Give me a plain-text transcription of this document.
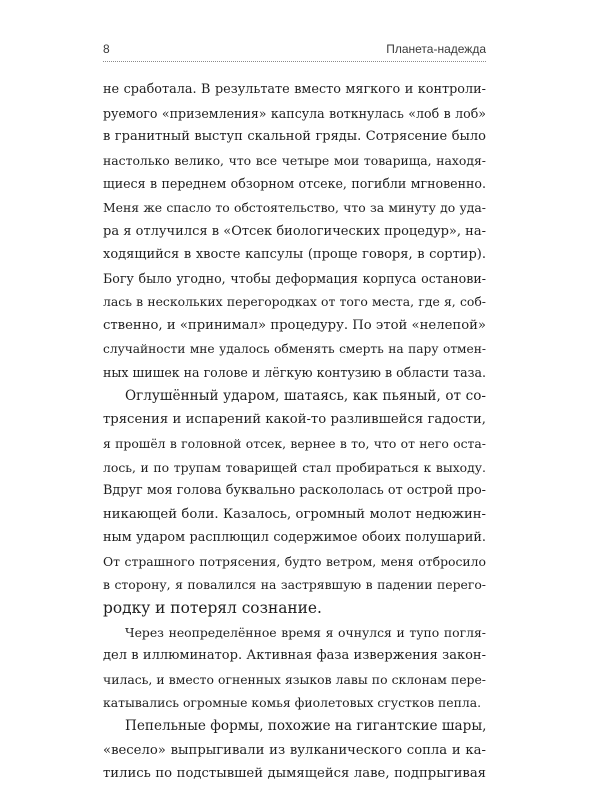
8	Планета-надежда
не сработала. В результате вместо мягкого и контроли-
руемого «приземления» капсула воткнулась «лоб в лоб»
в гранитный выступ скальной гряды. Сотрясение было
настолько велико, что все четыре мои товарища, находя-
щиеся в переднем обзорном отсеке, погибли мгновенно.
Меня же спасло то обстоятельство, что за минуту до уда-
ра я отлучился в «Отсек биологических процедур», на-
ходящийся в хвосте капсулы (проще говоря, в сортир).
Богу было угодно, чтобы деформация корпуса останови-
лась в нескольких перегородках от того места, где я, соб-
ственно, и «принимал» процедуру. По этой «нелепой»
случайности мне удалось обменять смерть на пару отмен-
ных шишек на голове и лёгкую контузию в области таза.
Оглушённый ударом, шатаясь, как пьяный, от со-
трясения и испарений какой-то разлившейся гадости,
я прошёл в головной отсек, вернее в то, что от него оста-
лось, и по трупам товарищей стал пробираться к выходу.
Вдруг моя голова буквально раскололась от острой про-
никающей боли. Казалось, огромный молот недюжин-
ным ударом расплющил содержимое обоих полушарий.
От страшного потрясения, будто ветром, меня отбросило
в сторону, я повалился на застрявшую в падении перего-
родку и потерял сознание.
Через неопределённое время я очнулся и тупо погля-
дел в иллюминатор. Активная фаза извержения закон-
чилась, и вместо огненных языков лавы по склонам пере-
катывались огромные комья фиолетовых сгустков пепла.
Пепельные формы, похожие на гигантские шары,
«весело» выпрыгивали из вулканического сопла и ка-
тились по подстывшей дымящейся лаве, подпрыгивая
